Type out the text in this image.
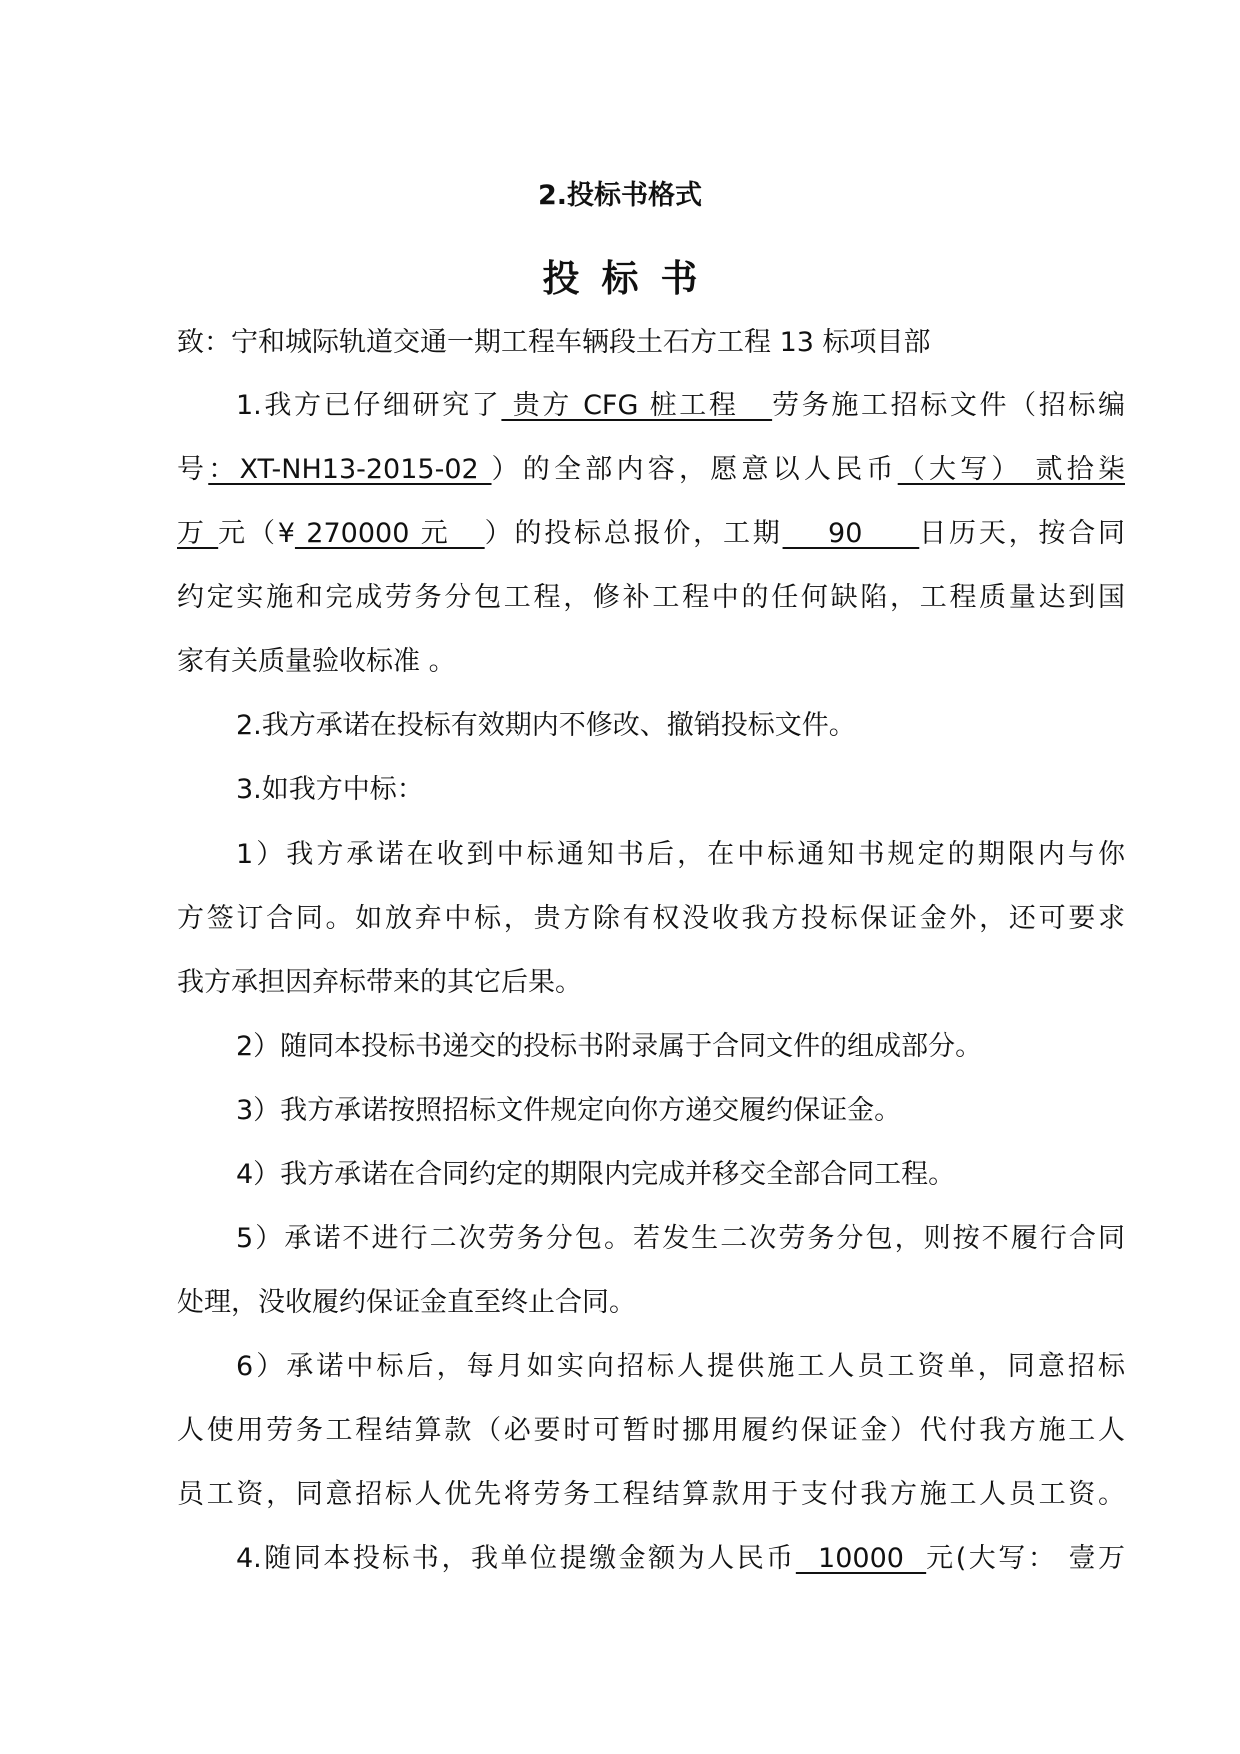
2.投标书格式
投标书
致：宁和城际轨道交通一期工程车辆段土石方工程 13 标项目部
1.我方已仔细研究了 贵方 CFG 桩工程   劳务施工招标文件（招标编
号：XT-NH13-2015-02 ）的全部内容，愿意以人民币（大写） 贰拾柒
万 元（¥ 270000 元   ）的投标总报价，工期    90     日历天，按合同
约定实施和完成劳务分包工程，修补工程中的任何缺陷，工程质量达到国
家有关质量验收标准 。
2.我方承诺在投标有效期内不修改、撤销投标文件。
3.如我方中标：
1）我方承诺在收到中标通知书后，在中标通知书规定的期限内与你
方签订合同。如放弃中标，贵方除有权没收我方投标保证金外，还可要求
我方承担因弃标带来的其它后果。
2）随同本投标书递交的投标书附录属于合同文件的组成部分。
3）我方承诺按照招标文件规定向你方递交履约保证金。
4）我方承诺在合同约定的期限内完成并移交全部合同工程。
5）承诺不进行二次劳务分包。若发生二次劳务分包，则按不履行合同
处理，没收履约保证金直至终止合同。
6）承诺中标后，每月如实向招标人提供施工人员工资单，同意招标
人使用劳务工程结算款（必要时可暂时挪用履约保证金）代付我方施工人
员工资，同意招标人优先将劳务工程结算款用于支付我方施工人员工资。
4.随同本投标书，我单位提缴金额为人民币  10000  元(大写： 壹万
